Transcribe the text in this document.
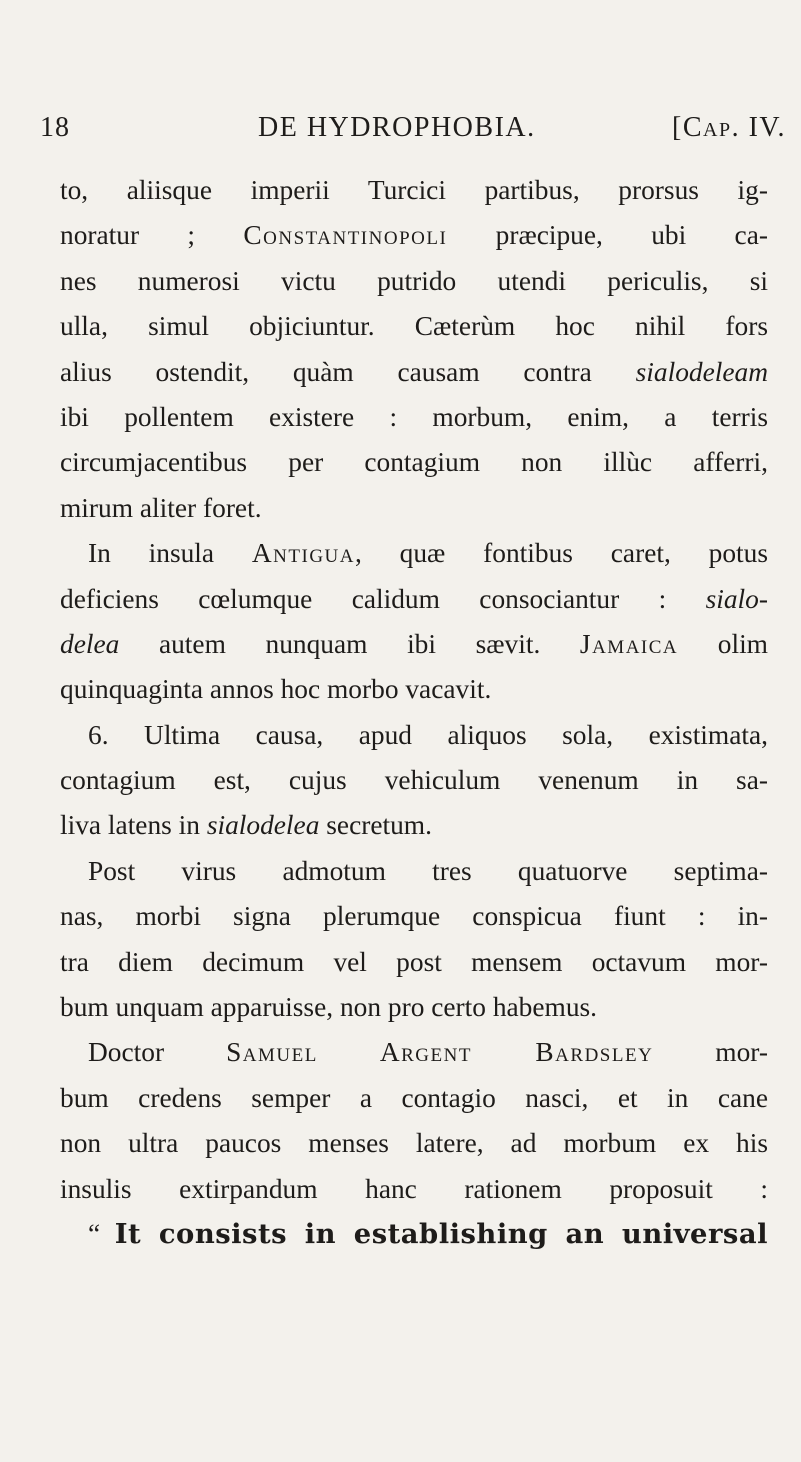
18	DE HYDROPHOBIA.	[Cap. IV.
to, aliisque imperii Turcici partibus, prorsus ig-
noratur ; Constantinopoli præcipue, ubi ca-
nes numerosi victu putrido utendi periculis, si
ulla, simul objiciuntur. Cæterùm hoc nihil fors
alius ostendit, quàm causam contra sialodeleam
ibi pollentem existere : morbum, enim, a terris
circumjacentibus per contagium non illùc afferri,
mirum aliter foret.
In insula Antigua, quæ fontibus caret, potus
deficiens cœlumque calidum consociantur : sialo-
delea autem nunquam ibi sævit. Jamaica olim
quinquaginta annos hoc morbo vacavit.
6. Ultima causa, apud aliquos sola, existimata,
contagium est, cujus vehiculum venenum in sa-
liva latens in sialodelea secretum.
Post virus admotum tres quatuorve septima-
nas, morbi signa plerumque conspicua fiunt : in-
tra diem decimum vel post mensem octavum mor-
bum unquam apparuisse, non pro certo habemus.
Doctor Samuel Argent Bardsley mor-
bum credens semper a contagio nasci, et in cane
non ultra paucos menses latere, ad morbum ex his
insulis extirpandum hanc rationem proposuit :
“ It consists in establishing an universal
